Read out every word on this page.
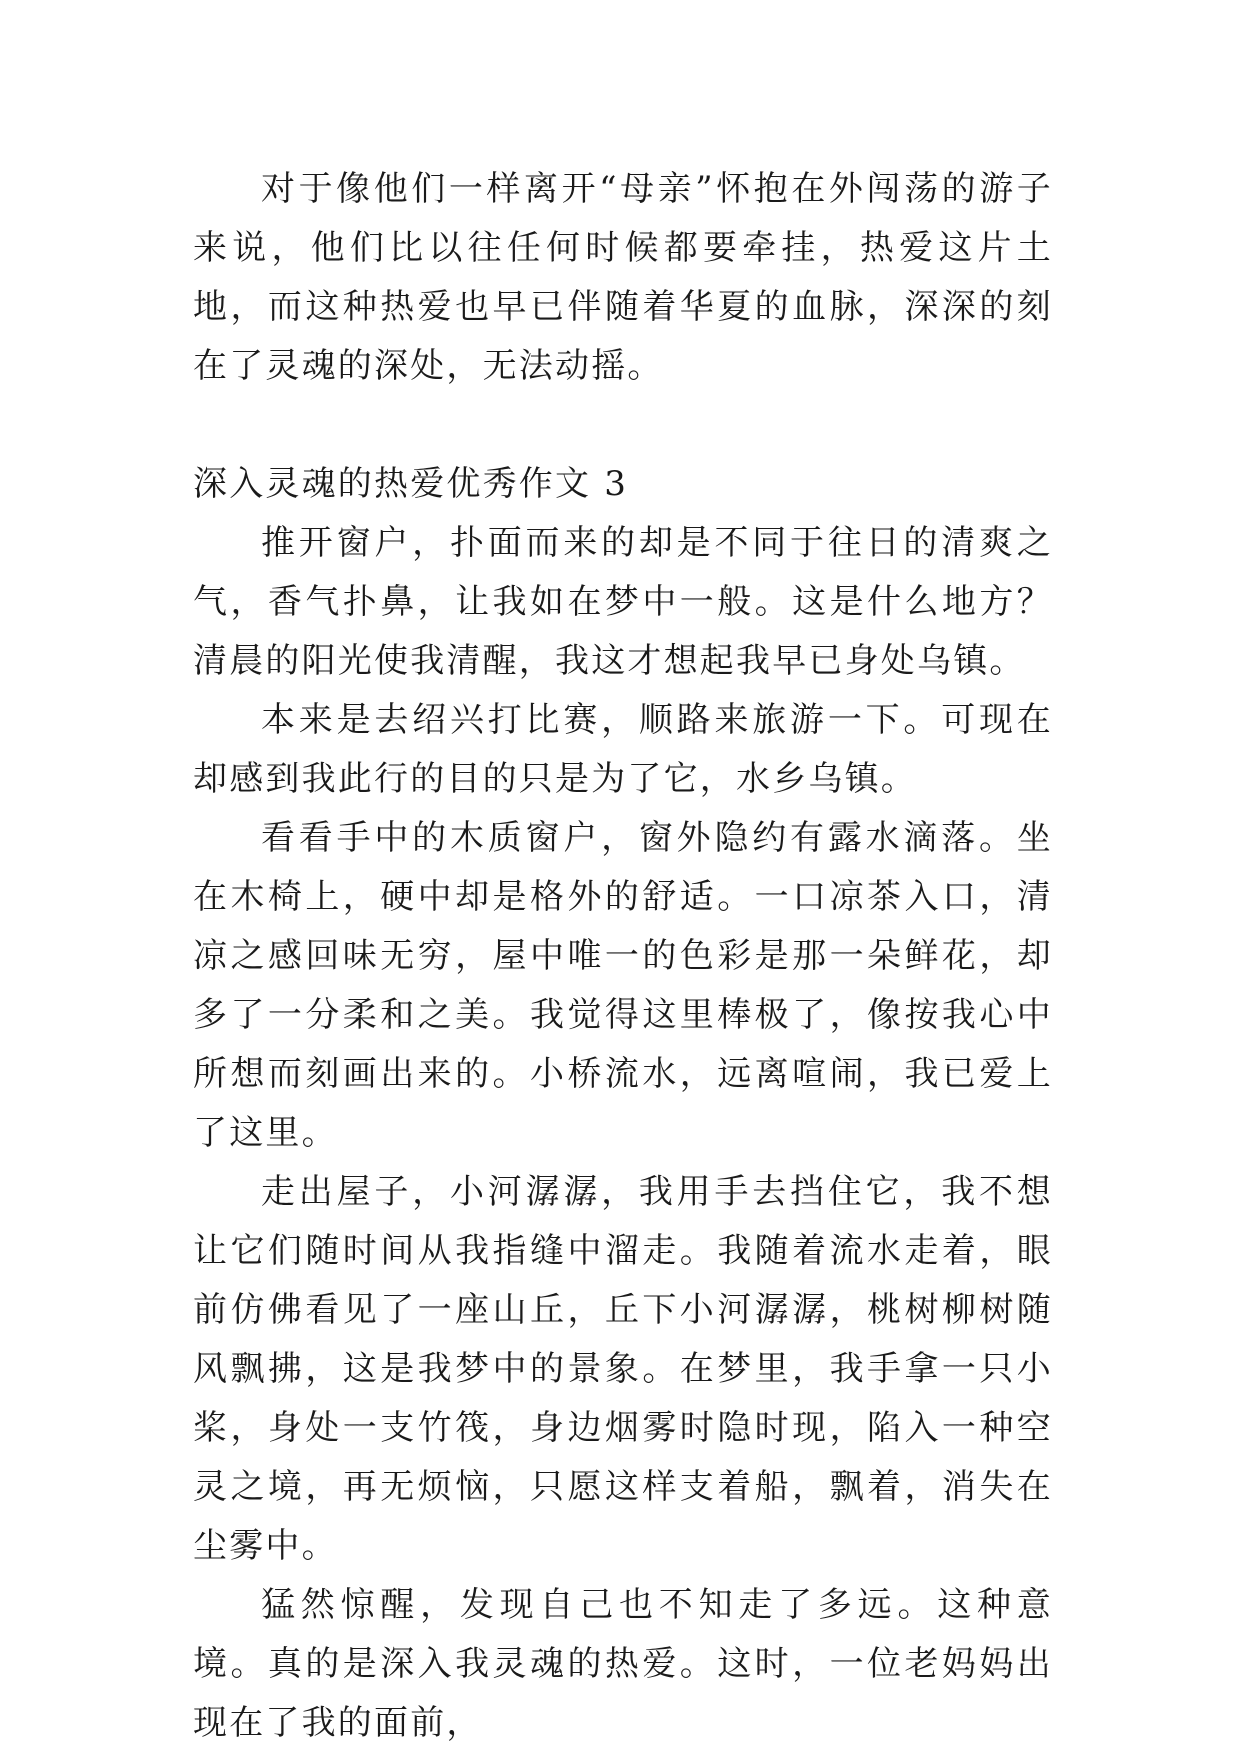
对于像他们一样离开“母亲”怀抱在外闯荡的游子来说，他们比以往任何时候都要牵挂，热爱这片土地，而这种热爱也早已伴随着华夏的血脉，深深的刻在了灵魂的深处，无法动摇。

深入灵魂的热爱优秀作文 3

推开窗户，扑面而来的却是不同于往日的清爽之气，香气扑鼻，让我如在梦中一般。这是什么地方？清晨的阳光使我清醒，我这才想起我早已身处乌镇。

本来是去绍兴打比赛，顺路来旅游一下。可现在却感到我此行的目的只是为了它，水乡乌镇。

看看手中的木质窗户，窗外隐约有露水滴落。坐在木椅上，硬中却是格外的舒适。一口凉茶入口，清凉之感回味无穷，屋中唯一的色彩是那一朵鲜花，却多了一分柔和之美。我觉得这里棒极了，像按我心中所想而刻画出来的。小桥流水，远离喧闹，我已爱上了这里。

走出屋子，小河潺潺，我用手去挡住它，我不想让它们随时间从我指缝中溜走。我随着流水走着，眼前仿佛看见了一座山丘，丘下小河潺潺，桃树柳树随风飘拂，这是我梦中的景象。在梦里，我手拿一只小桨，身处一支竹筏，身边烟雾时隐时现，陷入一种空灵之境，再无烦恼，只愿这样支着船，飘着，消失在尘雾中。

猛然惊醒，发现自己也不知走了多远。这种意境。真的是深入我灵魂的热爱。这时，一位老妈妈出现在了我的面前，
